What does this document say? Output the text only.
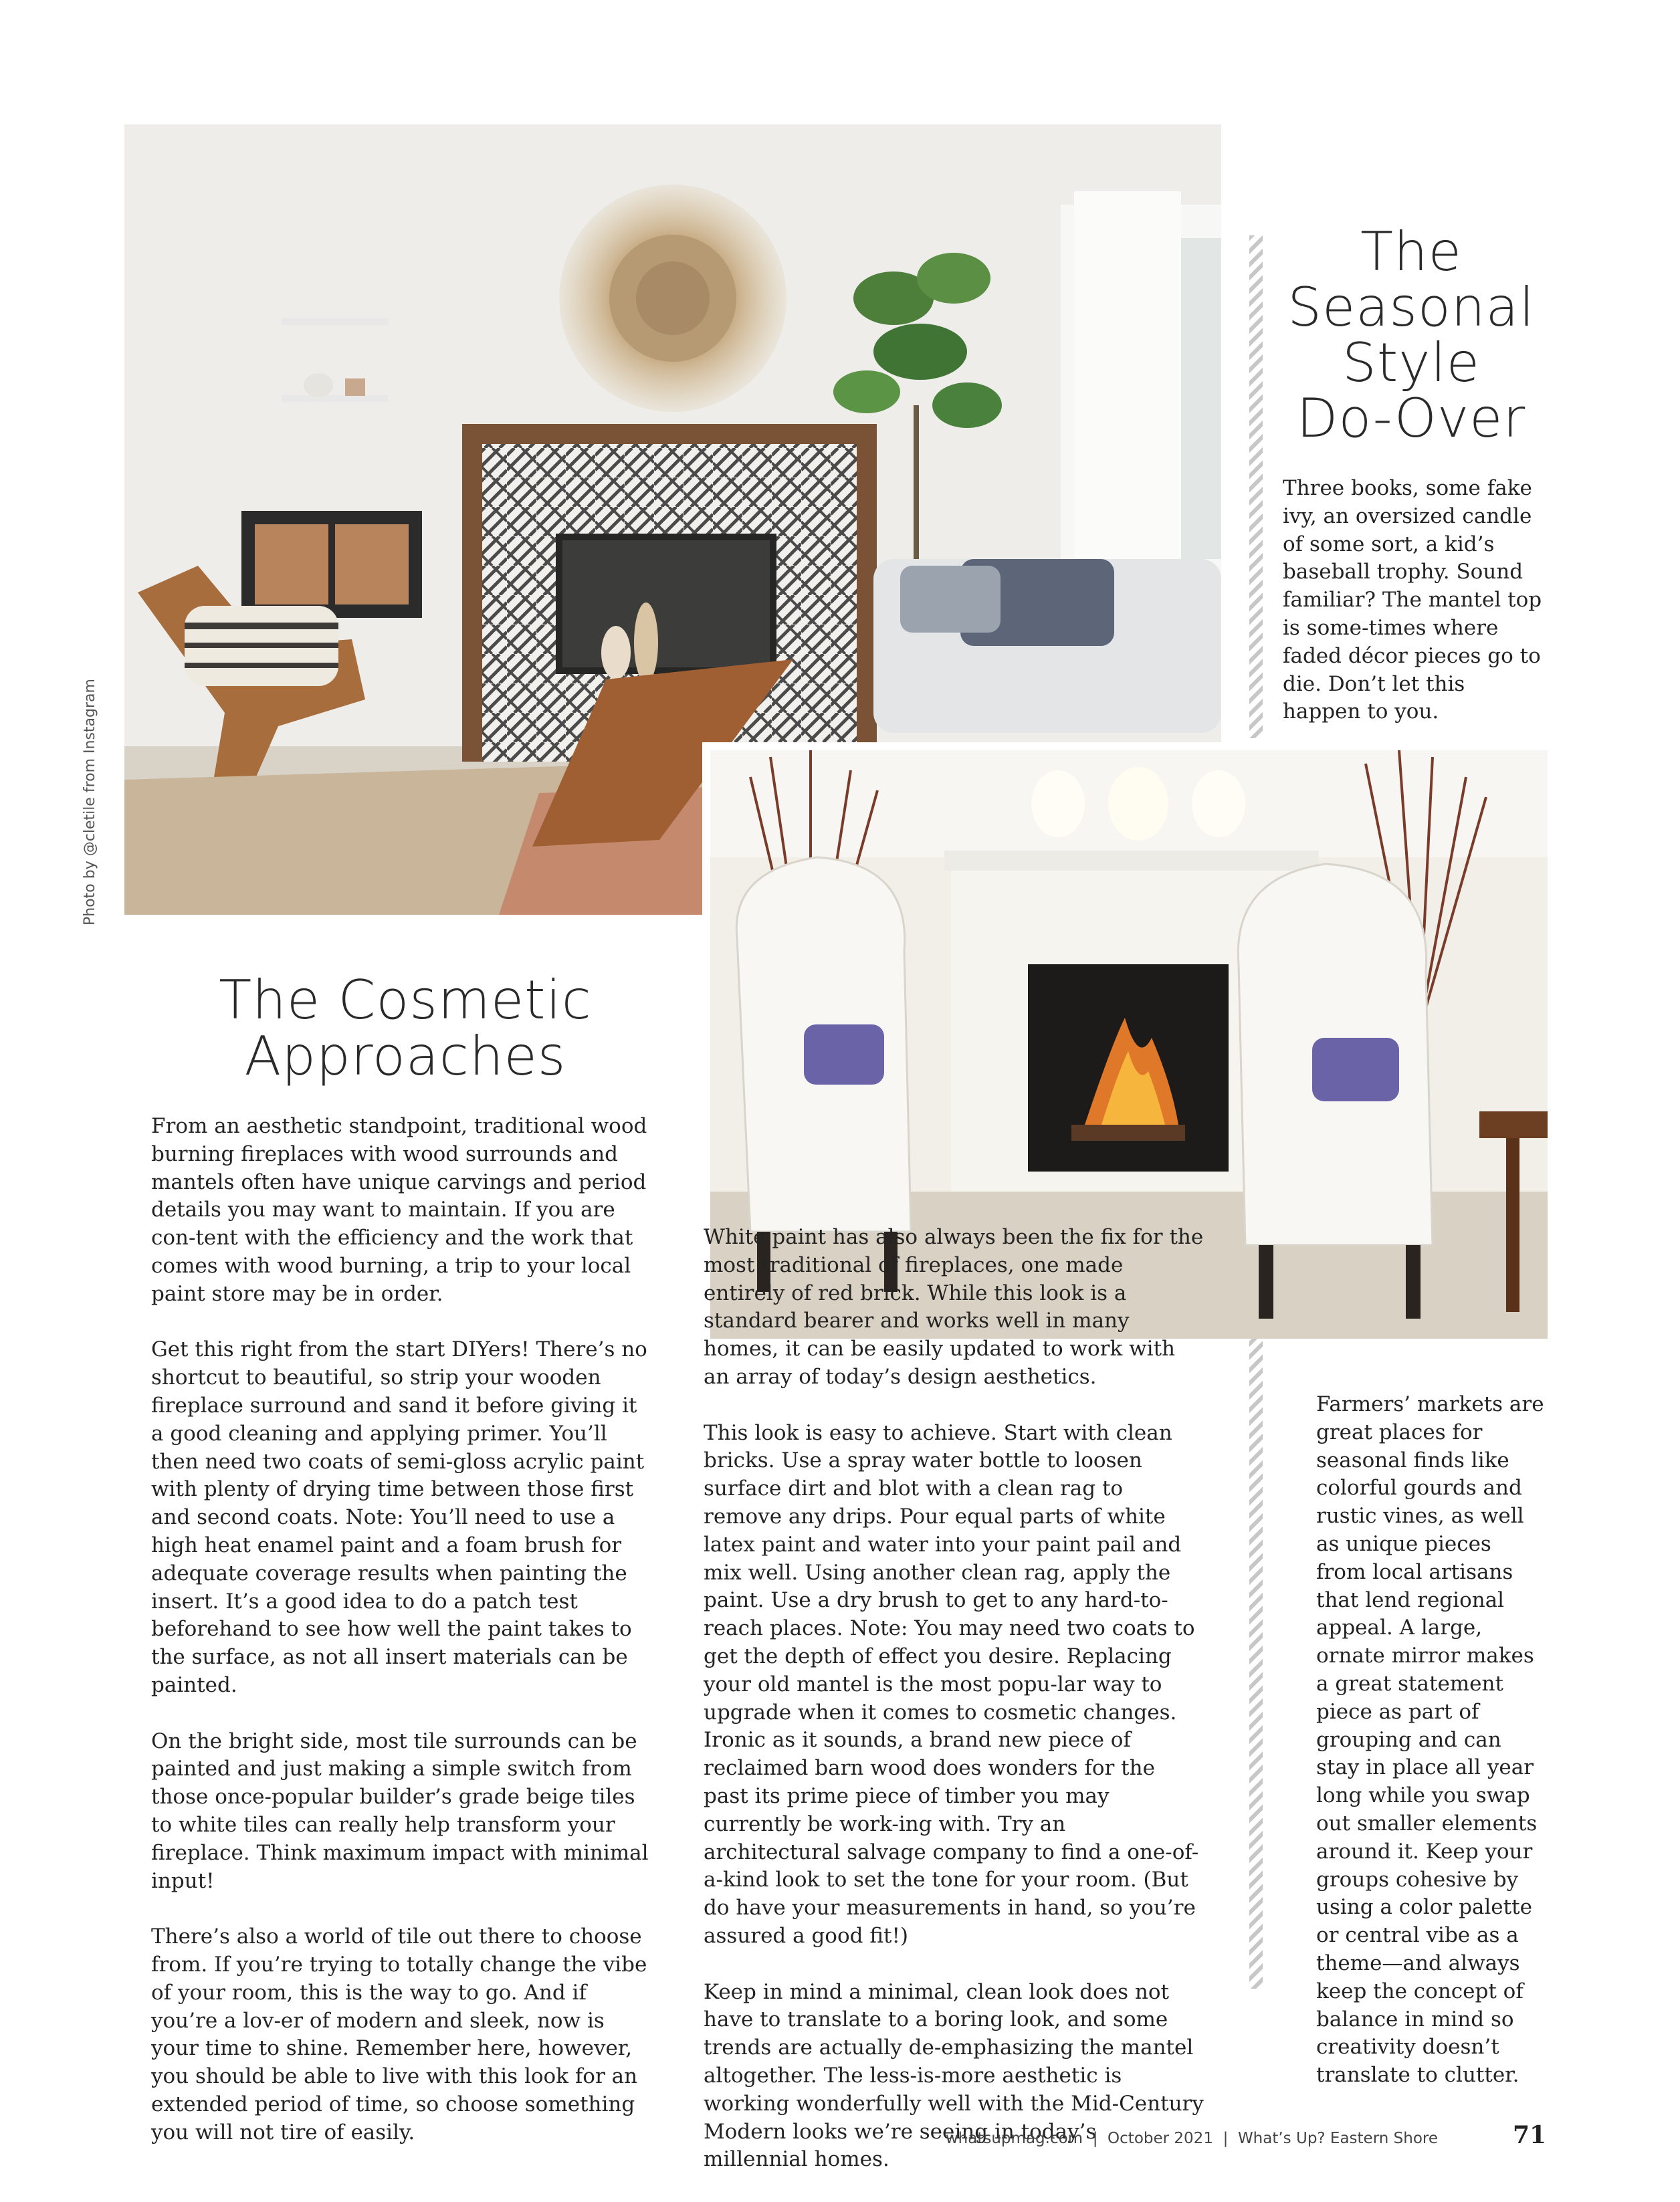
Photo by @cletile from Instagram
The
Seasonal
Style
Do-Over

Three books, some fake ivy, an oversized candle of some sort, a kid’s baseball trophy. Sound familiar? The mantel top is some-times where faded décor pieces go to die. Don’t let this happen to you.

The Cosmetic
Approaches

From an aesthetic standpoint, traditional wood burning fireplaces with wood surrounds and mantels often have unique carvings and period details you may want to maintain. If you are con-tent with the efficiency and the work that comes with wood burning, a trip to your local paint store may be in order.

Get this right from the start DIYers! There’s no shortcut to beautiful, so strip your wooden fireplace surround and sand it before giving it a good cleaning and applying primer. You’ll then need two coats of semi-gloss acrylic paint with plenty of drying time between those first and second coats. Note: You’ll need to use a high heat enamel paint and a foam brush for adequate coverage results when painting the insert. It’s a good idea to do a patch test beforehand to see how well the paint takes to the surface, as not all insert materials can be painted.

On the bright side, most tile surrounds can be painted and just making a simple switch from those once-popular builder’s grade beige tiles to white tiles can really help transform your fireplace. Think maximum impact with minimal input!

There’s also a world of tile out there to choose from. If you’re trying to totally change the vibe of your room, this is the way to go. And if you’re a lov-er of modern and sleek, now is your time to shine. Remember here, however, you should be able to live with this look for an extended period of time, so choose something you will not tire of easily.

White paint has also always been the fix for the most traditional of fireplaces, one made entirely of red brick. While this look is a standard bearer and works well in many homes, it can be easily updated to work with an array of today’s design aesthetics.

This look is easy to achieve. Start with clean bricks. Use a spray water bottle to loosen surface dirt and blot with a clean rag to remove any drips. Pour equal parts of white latex paint and water into your paint pail and mix well. Using another clean rag, apply the paint. Use a dry brush to get to any hard-to-reach places. Note: You may need two coats to get the depth of effect you desire. Replacing your old mantel is the most popu-lar way to upgrade when it comes to cosmetic changes. Ironic as it sounds, a brand new piece of reclaimed barn wood does wonders for the past its prime piece of timber you may currently be work-ing with. Try an architectural salvage company to find a one-of-a-kind look to set the tone for your room. (But do have your measurements in hand, so you’re assured a good fit!)

Keep in mind a minimal, clean look does not have to translate to a boring look, and some trends are actually de-emphasizing the mantel altogether. The less-is-more aesthetic is working wonderfully well with the Mid-Century Modern looks we’re seeing in today’s millennial homes.

Farmers’ markets are great places for seasonal finds like colorful gourds and rustic vines, as well as unique pieces from local artisans that lend regional appeal. A large, ornate mirror makes a great statement piece as part of grouping and can stay in place all year long while you swap out smaller elements around it. Keep your groups cohesive by using a color palette or central vibe as a theme—and always keep the concept of balance in mind so creativity doesn’t translate to clutter.

whatsupmag.com  |  October 2021  |  What’s Up? Eastern Shore	71
